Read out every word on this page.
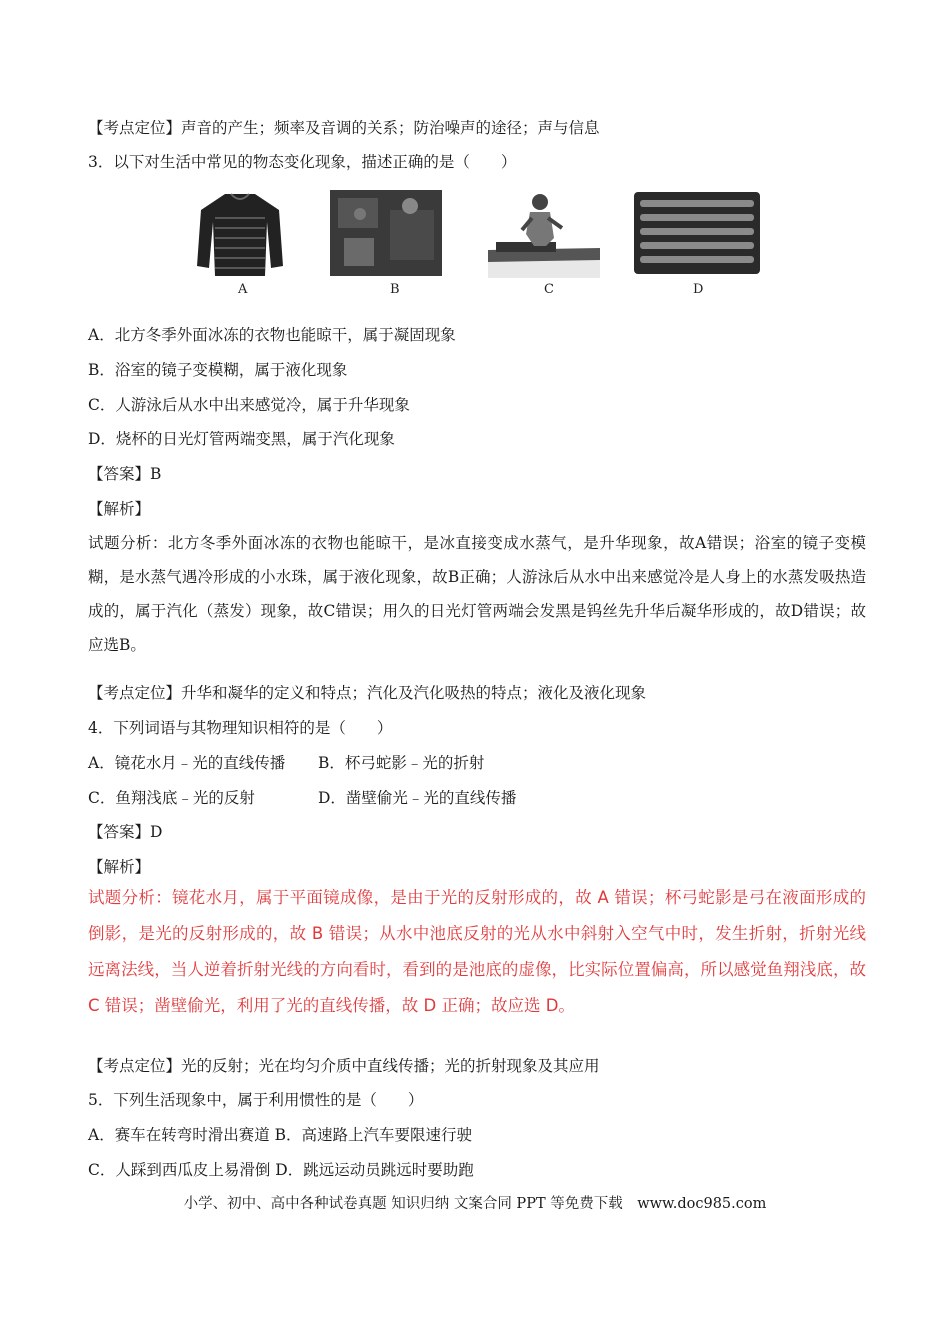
【考点定位】声音的产生；频率及音调的关系；防治噪声的途径；声与信息
3．以下对生活中常见的物态变化现象，描述正确的是（　　）
A	B	C	D
A．北方冬季外面冰冻的衣物也能晾干，属于凝固现象
B．浴室的镜子变模糊，属于液化现象
C．人游泳后从水中出来感觉冷，属于升华现象
D．烧杯的日光灯管两端变黑，属于汽化现象
【答案】B
【解析】
试题分析：北方冬季外面冰冻的衣物也能晾干，是冰直接变成水蒸气，是升华现象，故A错误；浴室的镜子变模糊，是水蒸气遇冷形成的小水珠，属于液化现象，故B正确；人游泳后从水中出来感觉冷是人身上的水蒸发吸热造成的，属于汽化（蒸发）现象，故C错误；用久的日光灯管两端会发黑是钨丝先升华后凝华形成的，故D错误；故应选B。
【考点定位】升华和凝华的定义和特点；汽化及汽化吸热的特点；液化及液化现象
4．下列词语与其物理知识相符的是（　　）
A．镜花水月﹣光的直线传播 B．杯弓蛇影﹣光的折射
C．鱼翔浅底﹣光的反射	D．凿壁偷光﹣光的直线传播
【答案】D
【解析】
试题分析：镜花水月，属于平面镜成像，是由于光的反射形成的，故 A 错误；杯弓蛇影是弓在液面形成的倒影，是光的反射形成的，故 B 错误；从水中池底反射的光从水中斜射入空气中时，发生折射，折射光线远离法线，当人逆着折射光线的方向看时，看到的是池底的虚像，比实际位置偏高，所以感觉鱼翔浅底，故 C 错误；凿壁偷光，利用了光的直线传播，故 D 正确；故应选 D。
【考点定位】光的反射；光在均匀介质中直线传播；光的折射现象及其应用
5．下列生活现象中，属于利用惯性的是（　　）
A．赛车在转弯时滑出赛道 B．高速路上汽车要限速行驶
C．人踩到西瓜皮上易滑倒 D．跳远运动员跳远时要助跑
小学、初中、高中各种试卷真题 知识归纳 文案合同 PPT 等免费下载　www.doc985.com
